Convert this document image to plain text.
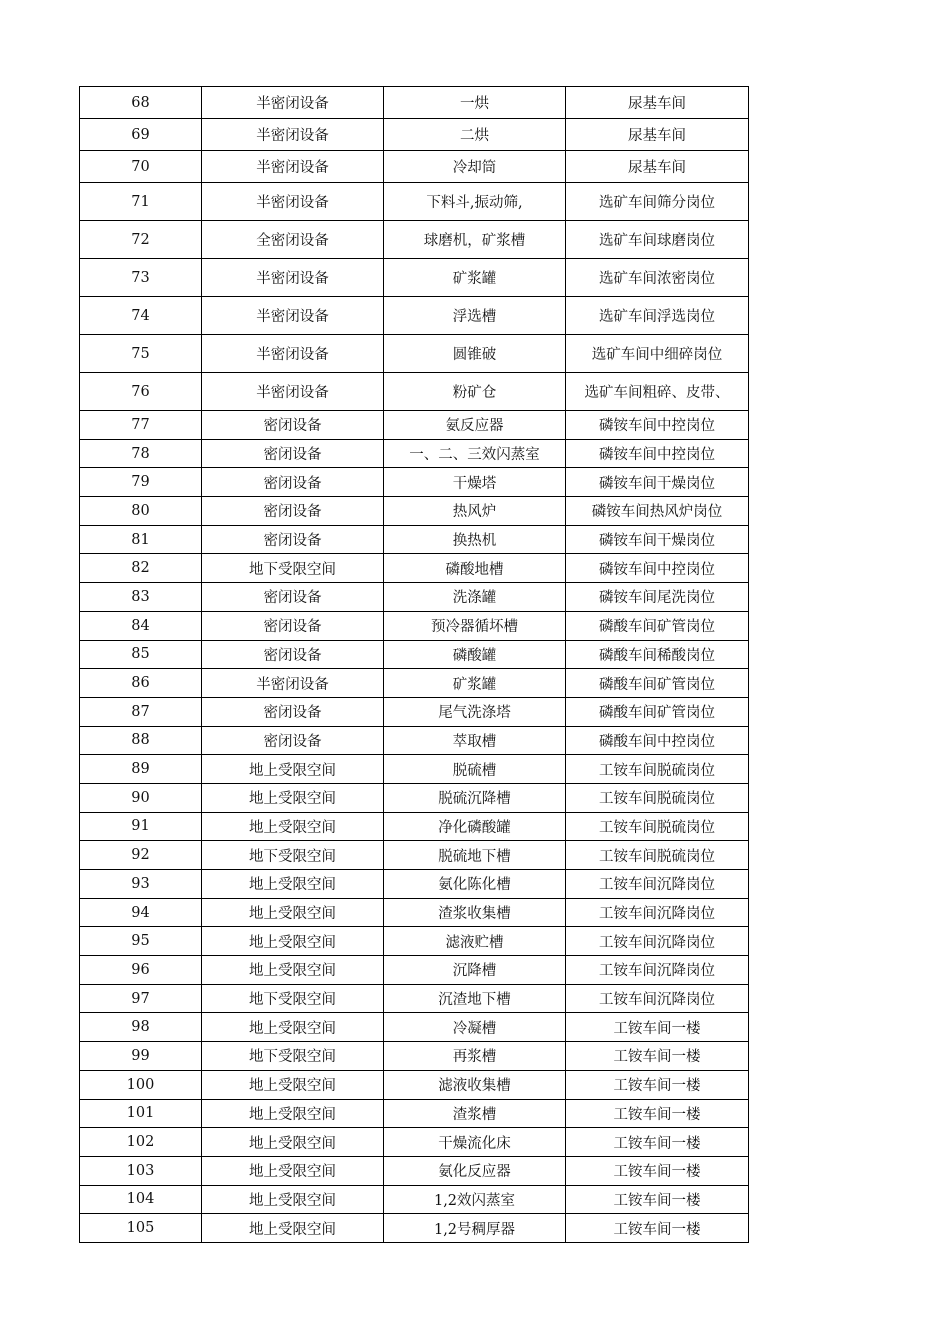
68	半密闭设备	一烘	尿基车间
69	半密闭设备	二烘	尿基车间
70	半密闭设备	冷却筒	尿基车间
71	半密闭设备	下料斗,振动筛,	选矿车间筛分岗位
72	全密闭设备	球磨机，矿浆槽	选矿车间球磨岗位
73	半密闭设备	矿浆罐	选矿车间浓密岗位
74	半密闭设备	浮选槽	选矿车间浮选岗位
75	半密闭设备	圆锥破	选矿车间中细碎岗位
76	半密闭设备	粉矿仓	选矿车间粗碎、皮带、
77	密闭设备	氨反应器	磷铵车间中控岗位
78	密闭设备	一、二、三效闪蒸室	磷铵车间中控岗位
79	密闭设备	干燥塔	磷铵车间干燥岗位
80	密闭设备	热风炉	磷铵车间热风炉岗位
81	密闭设备	换热机	磷铵车间干燥岗位
82	地下受限空间	磷酸地槽	磷铵车间中控岗位
83	密闭设备	洗涤罐	磷铵车间尾洗岗位
84	密闭设备	预冷器循坏槽	磷酸车间矿管岗位
85	密闭设备	磷酸罐	磷酸车间稀酸岗位
86	半密闭设备	矿浆罐	磷酸车间矿管岗位
87	密闭设备	尾气洗涤塔	磷酸车间矿管岗位
88	密闭设备	萃取槽	磷酸车间中控岗位
89	地上受限空间	脱硫槽	工铵车间脱硫岗位
90	地上受限空间	脱硫沉降槽	工铵车间脱硫岗位
91	地上受限空间	净化磷酸罐	工铵车间脱硫岗位
92	地下受限空间	脱硫地下槽	工铵车间脱硫岗位
93	地上受限空间	氨化陈化槽	工铵车间沉降岗位
94	地上受限空间	渣浆收集槽	工铵车间沉降岗位
95	地上受限空间	滤液贮槽	工铵车间沉降岗位
96	地上受限空间	沉降槽	工铵车间沉降岗位
97	地下受限空间	沉渣地下槽	工铵车间沉降岗位
98	地上受限空间	冷凝槽	工铵车间一楼
99	地下受限空间	再浆槽	工铵车间一楼
100	地上受限空间	滤液收集槽	工铵车间一楼
101	地上受限空间	渣浆槽	工铵车间一楼
102	地上受限空间	干燥流化床	工铵车间一楼
103	地上受限空间	氨化反应器	工铵车间一楼
104	地上受限空间	1,2效闪蒸室	工铵车间一楼
105	地上受限空间	1,2号稠厚器	工铵车间一楼
